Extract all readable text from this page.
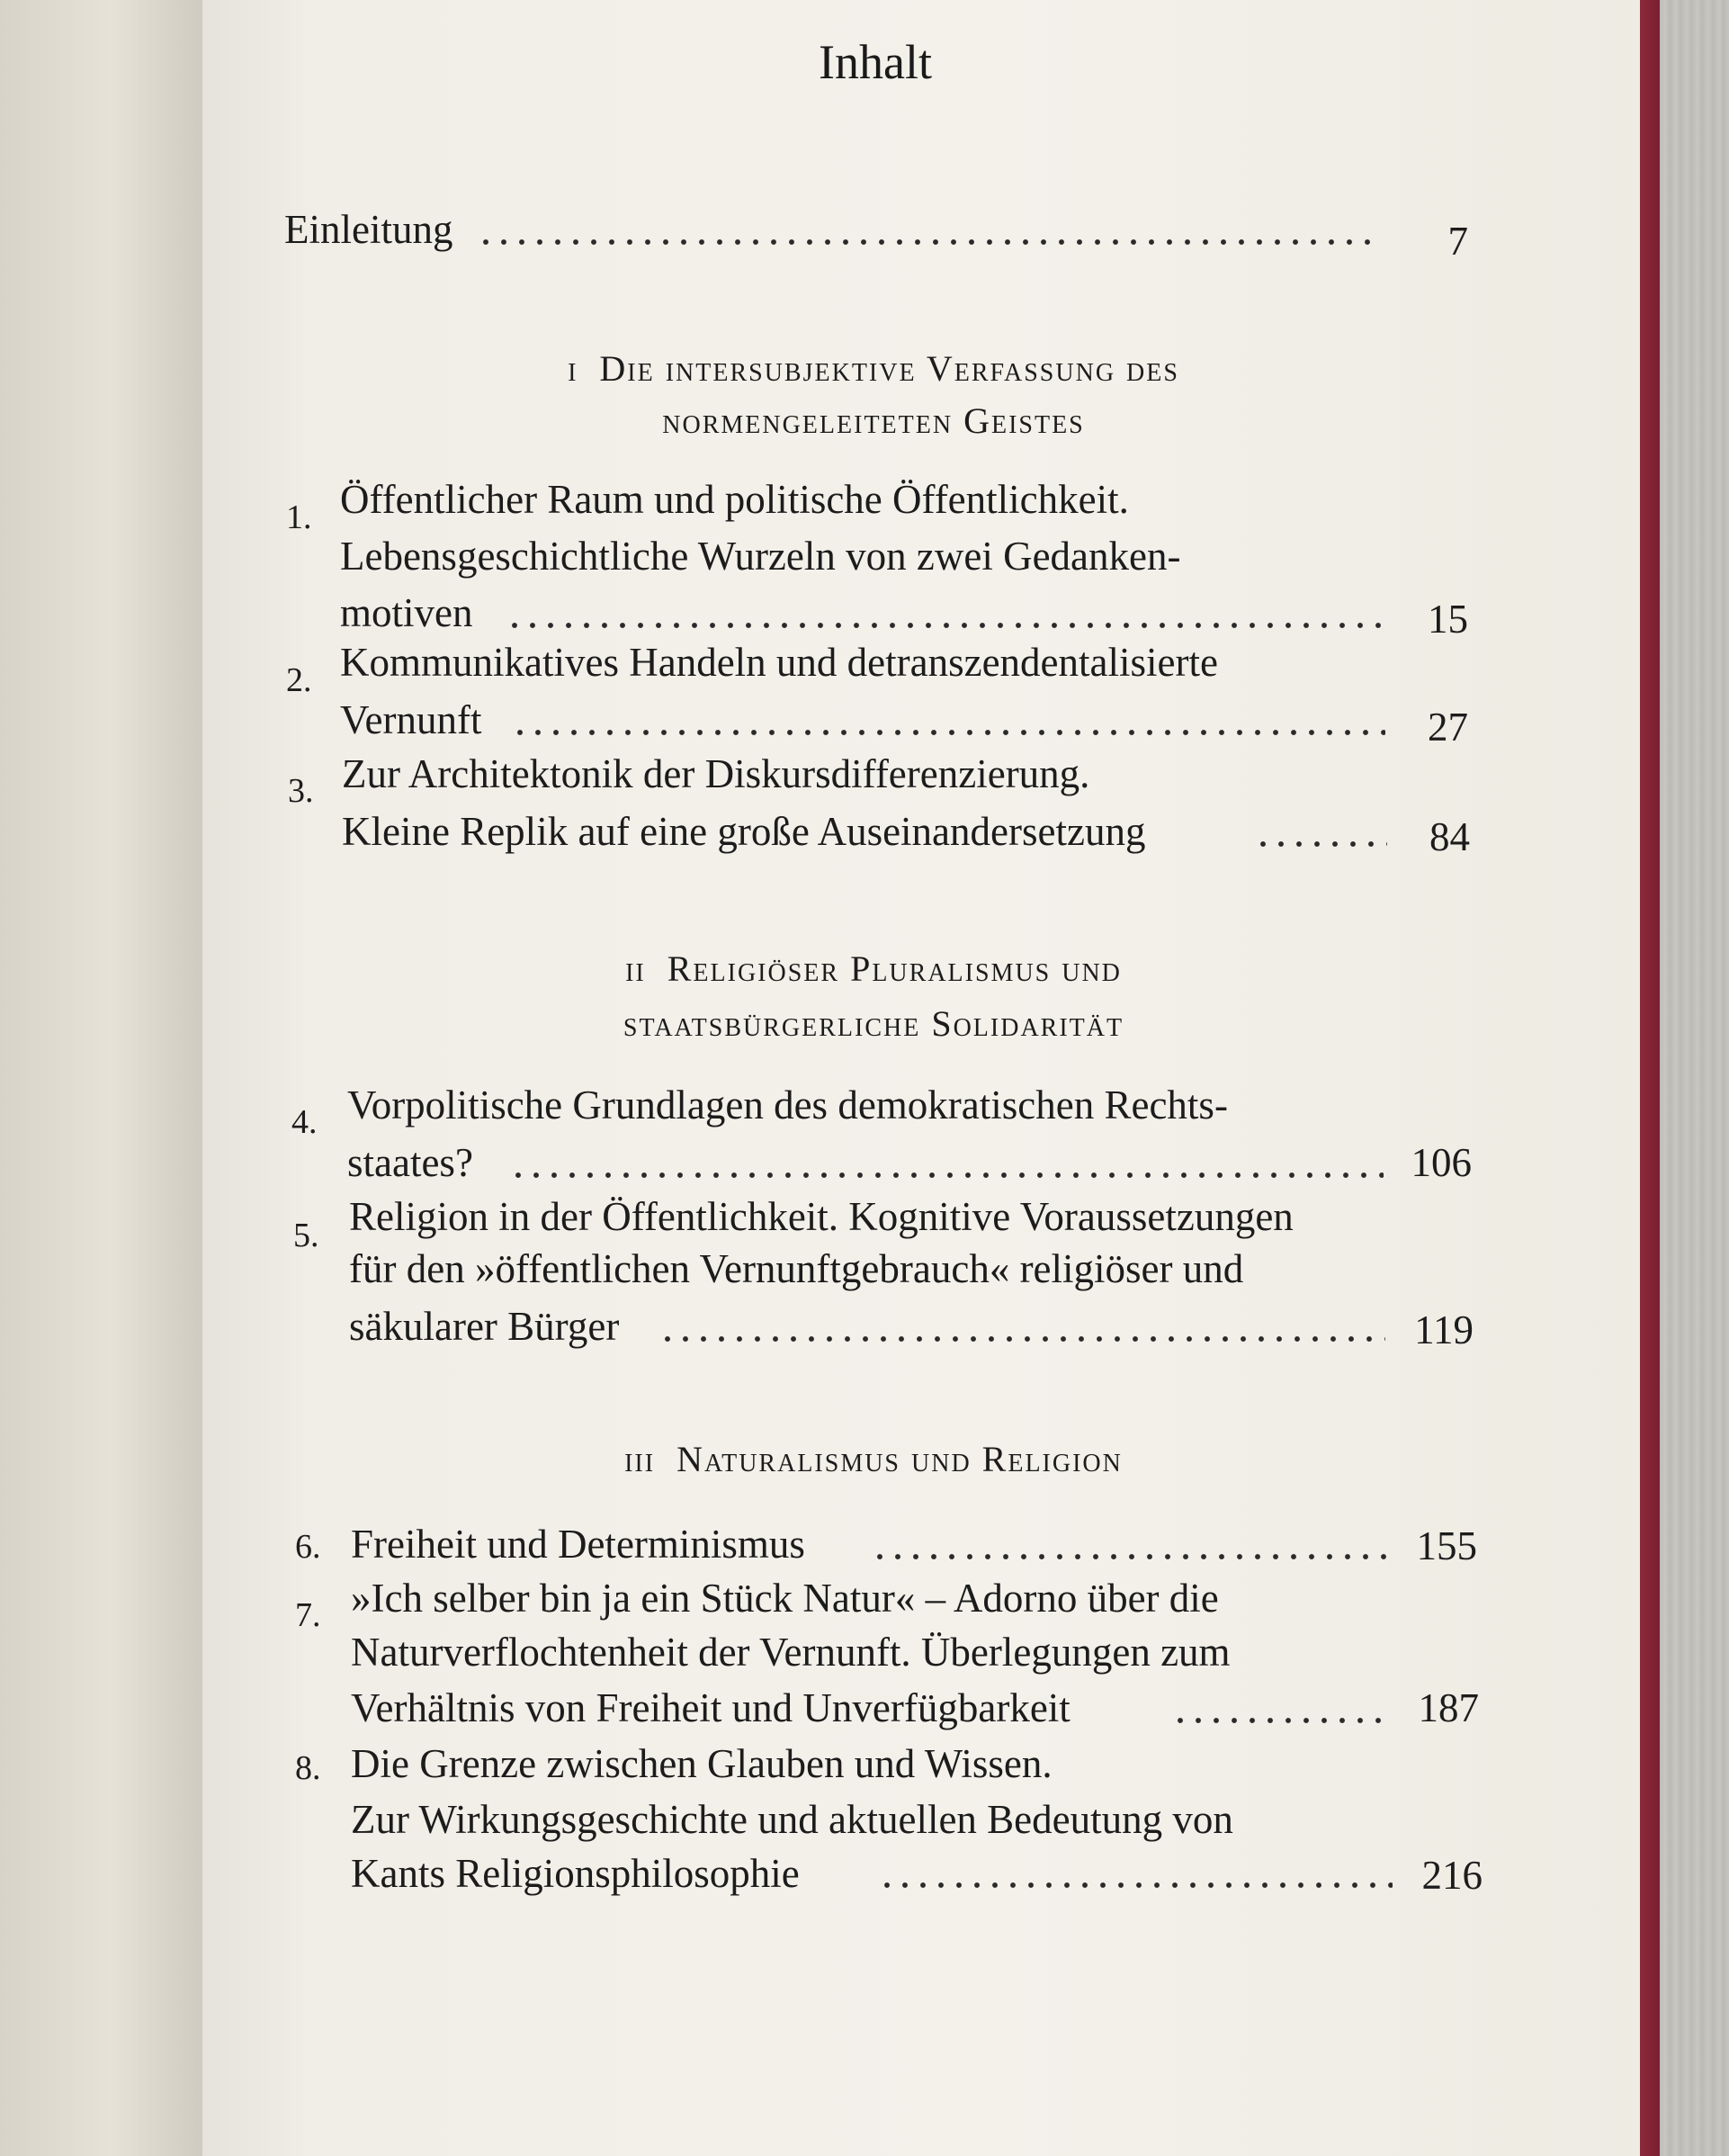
Inhalt
Einleitung	7
i Die intersubjektive Verfassung des
normengeleiteten Geistes
1. Öffentlicher Raum und politische Öffentlichkeit.
Lebensgeschichtliche Wurzeln von zwei Gedanken-
motiven	15
2. Kommunikatives Handeln und detranszendentalisierte
Vernunft	27
3. Zur Architektonik der Diskursdifferenzierung.
Kleine Replik auf eine große Auseinandersetzung	84
ii Religiöser Pluralismus und
staatsbürgerliche Solidarität
4. Vorpolitische Grundlagen des demokratischen Rechts-
staates?	106
5. Religion in der Öffentlichkeit. Kognitive Voraussetzungen
für den »öffentlichen Vernunftgebrauch« religiöser und
säkularer Bürger	119
iii Naturalismus und Religion
6. Freiheit und Determinismus	155
7. »Ich selber bin ja ein Stück Natur« – Adorno über die
Naturverflochtenheit der Vernunft. Überlegungen zum
Verhältnis von Freiheit und Unverfügbarkeit	187
8. Die Grenze zwischen Glauben und Wissen.
Zur Wirkungsgeschichte und aktuellen Bedeutung von
Kants Religionsphilosophie	216
